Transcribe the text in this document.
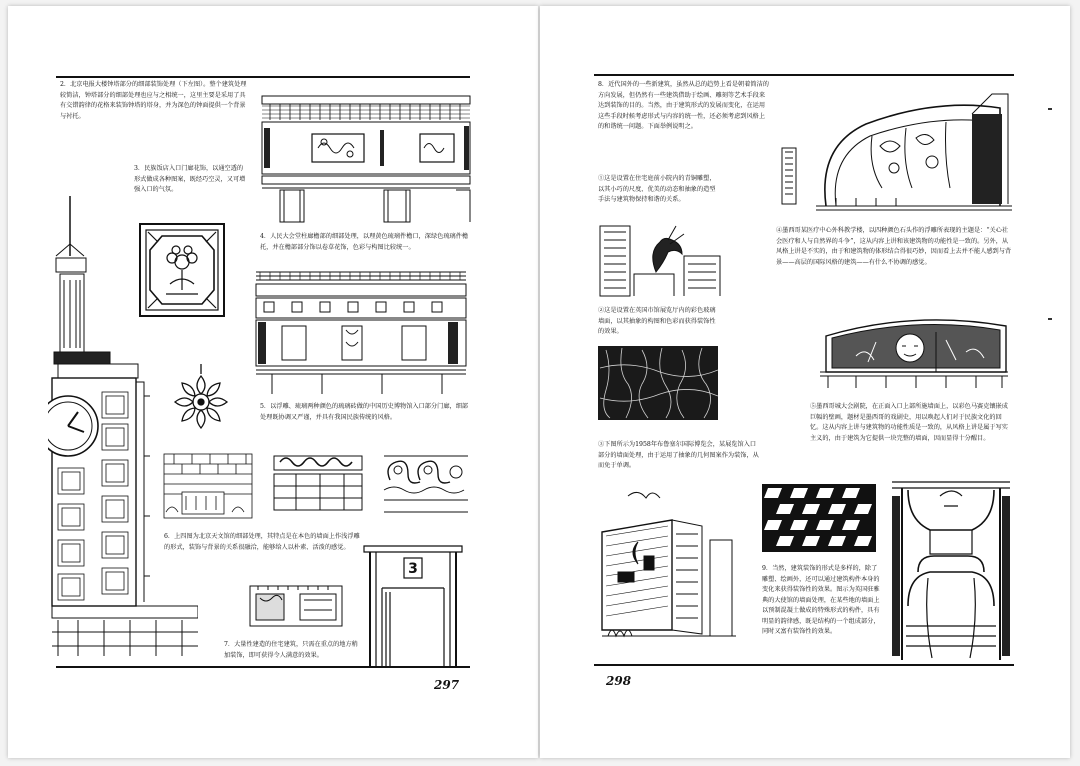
2．北京电报大楼钟塔部分的细部装饰处理（下左图）。整个建筑处理较简洁，钟塔部分的细部处理也应与之相统一，这里主要是采用了具有交错韵律的花格来装饰钟塔的塔身，并为深色的钟面提供一个背景与衬托。
3．民族饭店入口门廊花饰，以通空透的形式做成各种图案，既经巧空灵，又可增强入口的气氛。
4．人民大会堂柱廊檐部的细部处理，以理黄色琉璃件檐口，深绿色琉璃件檐托，并在檐部部分饰以卷草花饰，色彩与构图比较统一。
5．以浮雕、琉璃两种颜色的琉璃砖做的中国历史博物馆入口部分门廊，细部处理既协调又严谨，并具有我国民族传统的风格。
6．上四图为北京天文馆的细部处理，其特点是在本色的墙面上作浅浮雕的形式，装饰与背景的关系很融洽，能够给人以朴素、活泼的感觉。
3
7．大量性建造的住宅建筑，只需在重点的地方稍加装饰，即可获得令人满意的效果。
297
8．近代国外的一些新建筑，虽然从总的趋势上看是朝着简洁的方向发展，但仍然有一些建筑借助于绘画、雕刻等艺术手段来达到装饰的目的。当然，由于建筑形式的发展而变化，在运用这些手段时候考虑形式与内容的统一性，还必须考虑到风格上的和谐统一问题。下面举例说明之。
①这是设置在住宅庭前小院内的青铜雕塑，以其小巧的尺度、优美的动态和抽象的造型手法与建筑物保持和谐的关系。
④墨西哥某医疗中心外科教学楼，以四种颜色石头作的浮雕所表现的主题是：“关心社会医疗和人与自然界的斗争”，这从内容上讲和该建筑物的功能性是一致的。另外，从风格上讲是不实的，由于和建筑物的体形结合得很巧妙，因而看上去并不能人感到与背景——高层的国际风格的建筑——有什么不协调的感觉。
②这是设置在英国市馆展览厅内的彩色玻璃墙面，以其抽象的构图和色彩而获得装饰性的效果。
⑤墨西哥城大会剧院，在正面入口上部所施墙面上，以彩色马赛克镶嵌成巨幅的壁画，题材是墨西哥的戏剧史，用以唤起人们对于民族文化的回忆。这从内容上讲与建筑物的功能性质是一致的，从风格上讲是属于写实主义的，由于建筑为它提供一块完整的墙面，因而显得十分醒目。
③下图所示为1958年布鲁塞尔国际博览会，某展览馆入口部分的墙面处理，由于运用了抽象的几何图案作为装饰，从而免于单调。
9．当然，建筑装饰的形式是多样的，除了雕塑、绘画外，还可以通过建筑构件本身的变化来获得装饰性的效果。图示为英国驻雅典的大使馆的墙面处理，在某些地的墙面上以预制混凝土做成的特殊形式的构件，具有明显的韵律感，既是结构的一个组成部分，同时又富有装饰性的效果。
298
